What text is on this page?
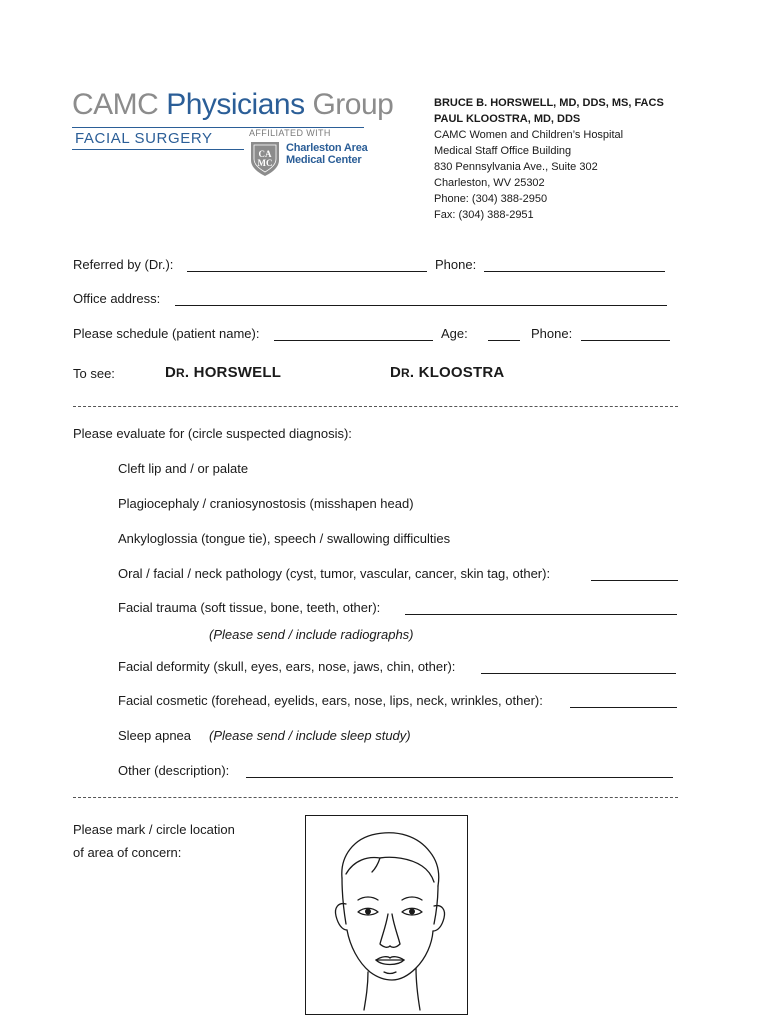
CAMC Physicians Group
FACIAL SURGERY	AFFILIATED WITH
CA
MC
Charleston Area
Medical Center
BRUCE B. HORSWELL, MD, DDS, MS, FACS
PAUL KLOOSTRA, MD, DDS
CAMC Women and Children’s Hospital
Medical Staff Office Building
830 Pennsylvania Ave., Suite 302
Charleston, WV 25302
Phone: (304) 388-2950
Fax: (304) 388-2951
Referred by (Dr.):	Phone:
Office address:
Please schedule (patient name):	Age:	Phone:
To see:	DR. HORSWELL	DR. KLOOSTRA
Please evaluate for (circle suspected diagnosis):
Cleft lip and / or palate
Plagiocephaly / craniosynostosis (misshapen head)
Ankyloglossia (tongue tie), speech / swallowing difficulties
Oral / facial / neck pathology (cyst, tumor, vascular, cancer, skin tag, other):
Facial trauma (soft tissue, bone, teeth, other):
(Please send / include radiographs)
Facial deformity (skull, eyes, ears, nose, jaws, chin, other):
Facial cosmetic (forehead, eyelids, ears, nose, lips, neck, wrinkles, other):
Sleep apnea (Please send / include sleep study)
Other (description):
Please mark / circle location
of area of concern:
